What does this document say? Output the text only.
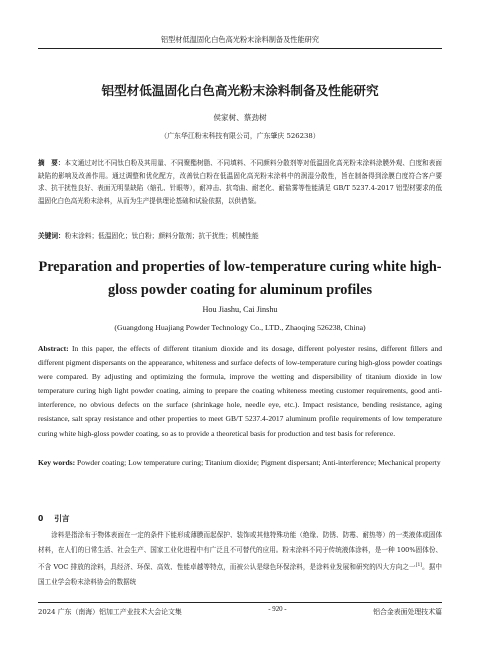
铝型材低温固化白色高光粉末涂料制备及性能研究
铝型材低温固化白色高光粉末涂料制备及性能研究
侯家树、蔡劲树
（广东华江粉末科技有限公司，广东肇庆 526238）
摘　要：本文通过对比不同钛白粉及其用量、不同聚酯树脂、不同填料、不同颜料分散剂等对低温固化高光粉末涂料涂膜外观、白度和表面缺陷的影响及改善作用。通过调整和优化配方，改善钛白粉在低温固化高光粉末涂料中的润湿分散性，旨在制备得到涂膜白度符合客户要求、抗干扰性良好、表面无明显缺陷（缩孔、针眼等），耐冲击、抗弯曲、耐老化、耐盐雾等性能满足 GB/T 5237.4-2017 铝型材要求的低温固化白色高光粉末涂料，从而为生产提供理论基础和试验依据，以供借鉴。
关键词：粉末涂料；低温固化；钛白粉；颜料分散剂；抗干扰性；机械性能
Preparation and properties of low-temperature curing white high-gloss powder coating for aluminum profiles
Hou Jiashu, Cai Jinshu
(Guangdong Huajiang Powder Technology Co., LTD., Zhaoqing 526238, China)
Abstract: In this paper, the effects of different titanium dioxide and its dosage, different polyester resins, different fillers and different pigment dispersants on the appearance, whiteness and surface defects of low-temperature curing high-gloss powder coatings were compared. By adjusting and optimizing the formula, improve the wetting and dispersibility of titanium dioxide in low temperature curing high light powder coating, aiming to prepare the coating whiteness meeting customer requirements, good anti-interference, no obvious defects on the surface (shrinkage hole, needle eye, etc.). Impact resistance, bending resistance, aging resistance, salt spray resistance and other properties to meet GB/T 5237.4-2017 aluminum profile requirements of low temperature curing white high-gloss powder coating, so as to provide a theoretical basis for production and test basis for reference.
Key words: Powder coating; Low temperature curing; Titanium dioxide; Pigment dispersant; Anti-interference; Mechanical property
0 引言
涂料是指涂布于物体表面在一定的条件下能形成薄膜而起保护、装饰或其他特殊功能（绝缘、防锈、防霉、耐热等）的一类液体或固体材料，在人们的日常生活、社会生产、国家工业化进程中有广泛且不可替代的应用。粉末涂料不同于传统液体涂料，是一种 100%固体份、不含 VOC 排放的涂料，具经济、环保、高效、性能卓越等特点，而被公认是绿色环保涂料，是涂料业发展和研究的四大方向之一[1]。据中国工业学会粉末涂料协会的数据统
2024 广东（南海）铝加工产业技术大会论文集	- 920 -	铝合金表面处理技术篇
